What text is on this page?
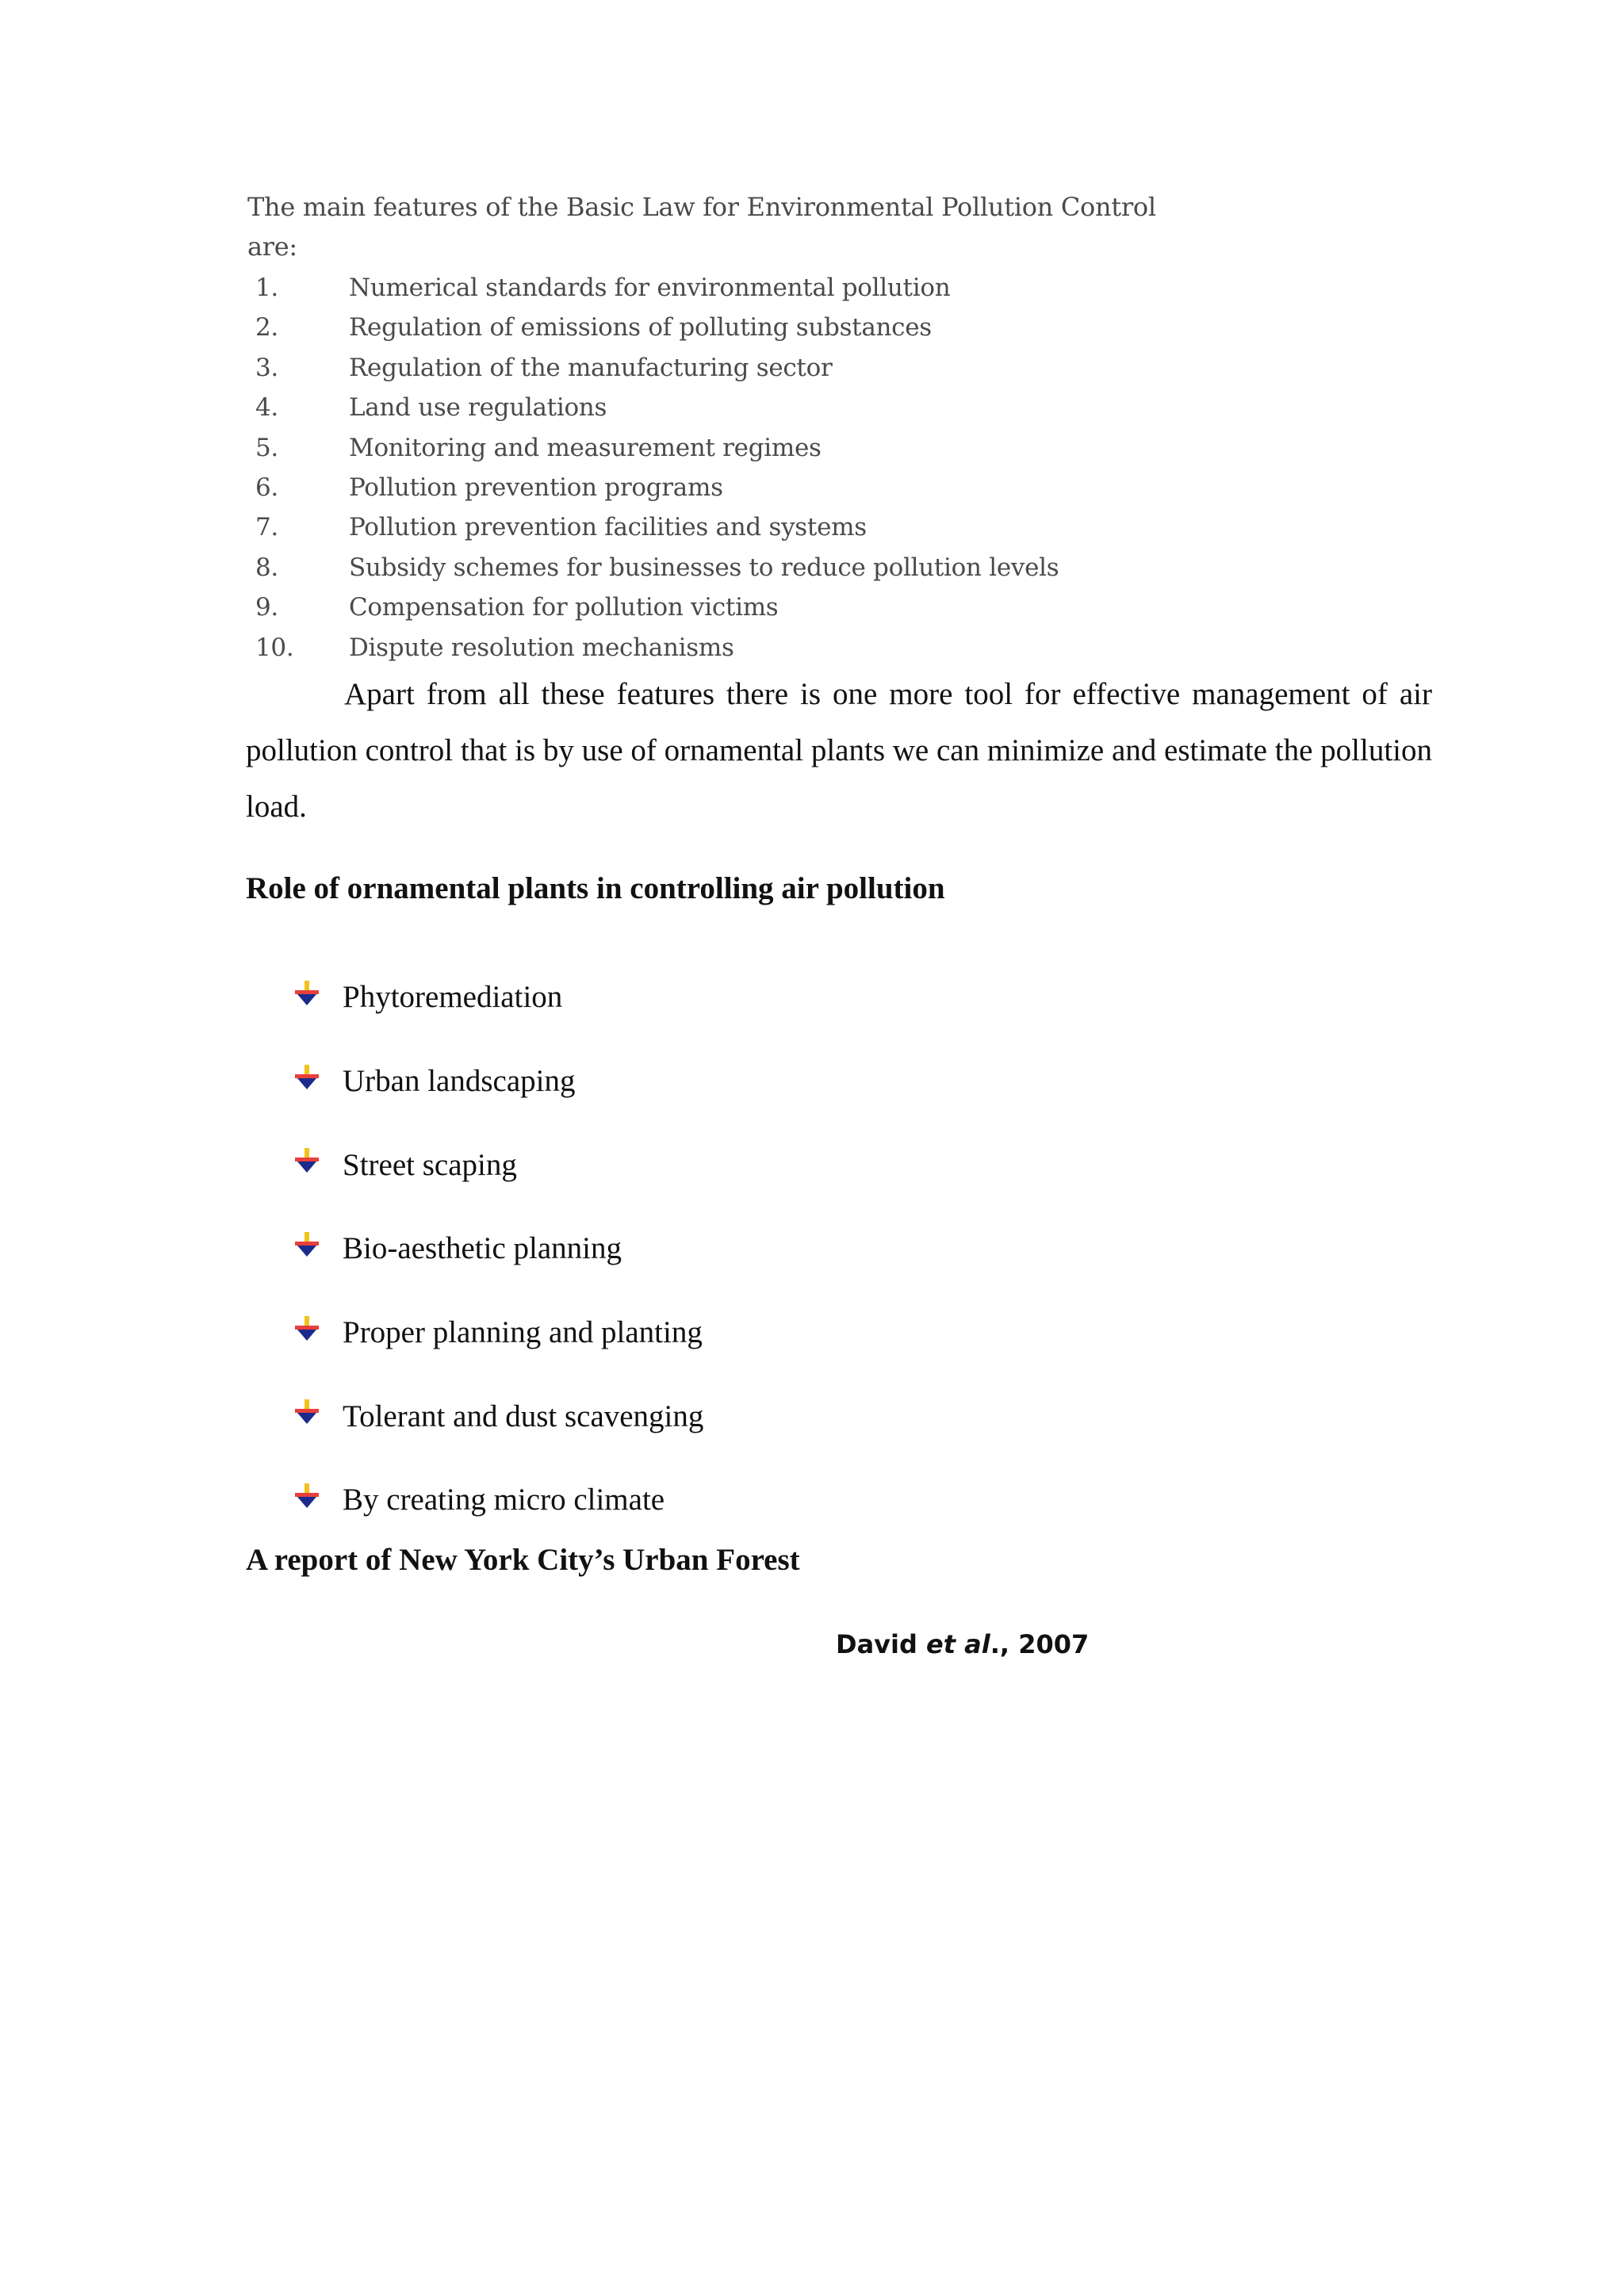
The main features of the Basic Law for Environmental Pollution Control are:

1.	Numerical standards for environmental pollution
2.	Regulation of emissions of polluting substances
3.	Regulation of the manufacturing sector
4.	Land use regulations
5.	Monitoring and measurement regimes
6.	Pollution prevention programs
7.	Pollution prevention facilities and systems
8.	Subsidy schemes for businesses to reduce pollution levels
9.	Compensation for pollution victims
10.	Dispute resolution mechanisms

Apart from all these features there is one more tool for effective management of air pollution control that is by use of ornamental plants we can minimize and estimate the pollution load.

Role of ornamental plants in controlling air pollution
Phytoremediation
Urban landscaping
Street scaping
Bio-aesthetic planning
Proper planning and planting
Tolerant and dust scavenging
By creating micro climate
A report of New York City’s Urban Forest

David et al., 2007
